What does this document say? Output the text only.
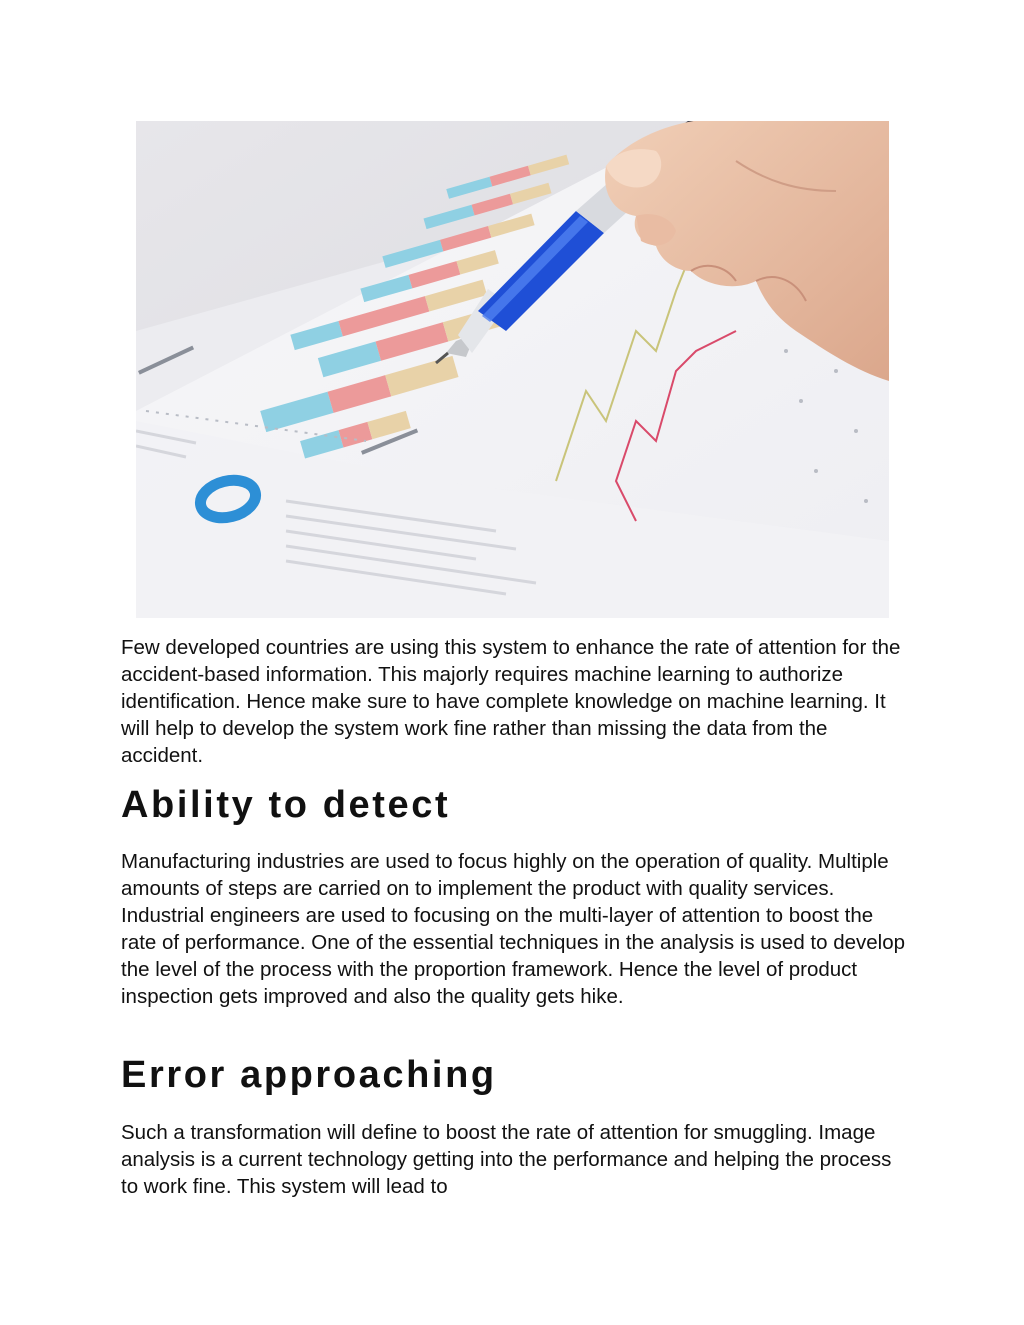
Few developed countries are using this system to enhance the rate of attention for the accident-based information. This majorly requires machine learning to authorize identification. Hence make sure to have complete knowledge on machine learning. It will help to develop the system work fine rather than missing the data from the accident.

Ability to detect

Manufacturing industries are used to focus highly on the operation of quality. Multiple amounts of steps are carried on to implement the product with quality services. Industrial engineers are used to focusing on the multi-layer of attention to boost the rate of performance. One of the essential techniques in the analysis is used to develop the level of the process with the proportion framework. Hence the level of product inspection gets improved and also the quality gets hike.

Error approaching

Such a transformation will define to boost the rate of attention for smuggling. Image analysis is a current technology getting into the performance and helping the process to work fine. This system will lead to
